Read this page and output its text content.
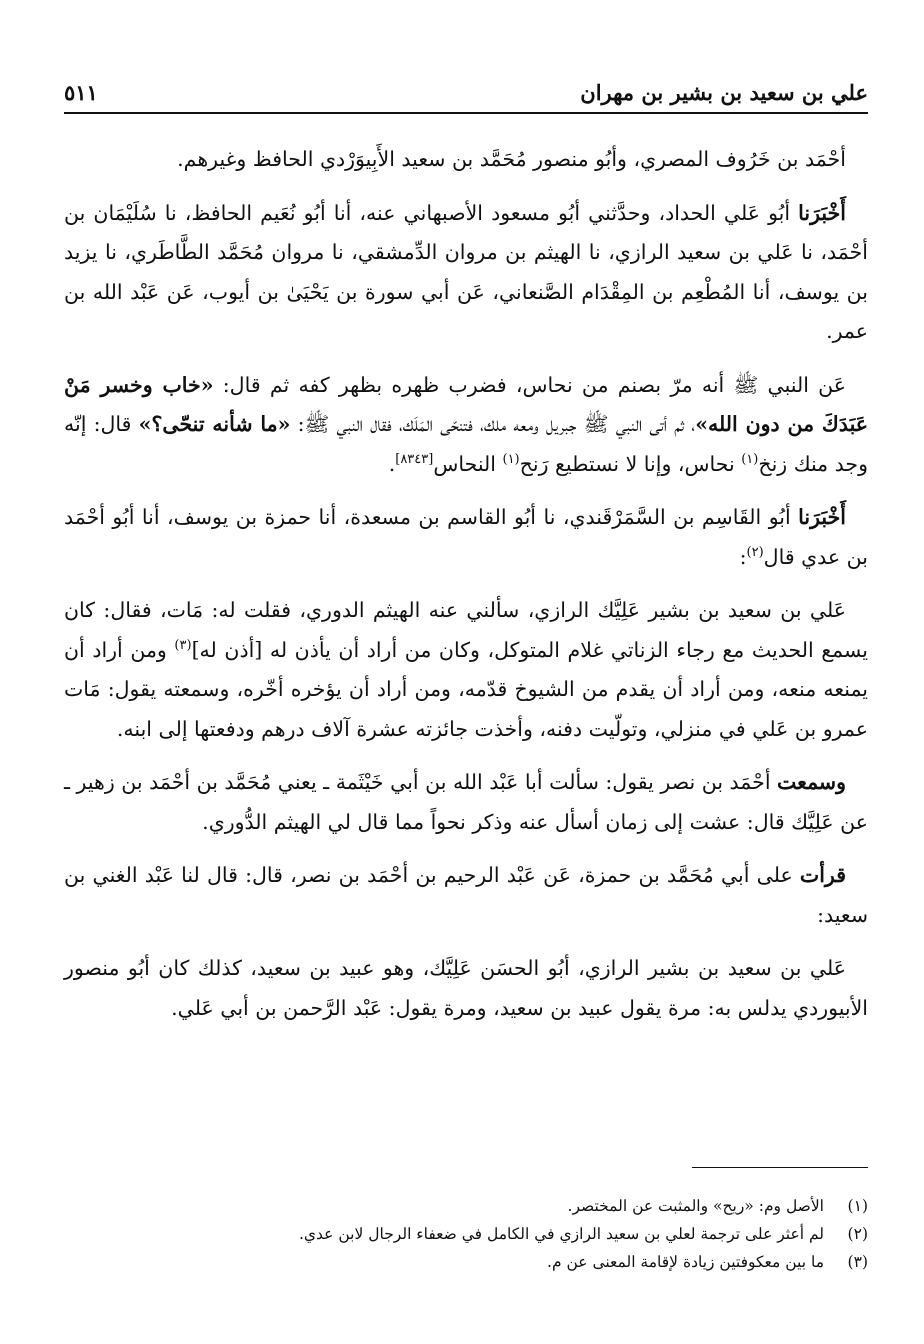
٥١١	علي بن سعيد بن بشير بن مهران

أحْمَد بن خَرُوف المصري، وأبُو منصور مُحَمَّد بن سعيد الأَبِيوَرْدي الحافظ وغيرهم.

أَخْبَرَنا أبُو عَلي الحداد، وحدَّثني أبُو مسعود الأصبهاني عنه، أنا أبُو نُعَيم الحافظ، نا سُلَيْمَان بن أحْمَد، نا عَلي بن سعيد الرازي، نا الهيثم بن مروان الدِّمشقي، نا مروان مُحَمَّد الطَّاطَري، نا يزيد بن يوسف، أنا المُطْعِم بن المِقْدَام الصَّنعاني، عَن أبي سورة بن يَحْيَىٰ بن أيوب، عَن عَبْد الله بن عمر.

عَن النبي ﷺ أنه مرّ بصنم من نحاس، فضرب ظهره بظهر كفه ثم قال: «خاب وخسر مَنْ عَبَدَكَ من دون الله»، ثم أتى النبي ﷺ جبريل ومعه ملك، فتنحّى المَلَك، فقال النبي ﷺ: «ما شأنه تنحّى؟» قال: إنّه وجد منك زنخ$^{(١)}$ نحاس، وإنا لا نستطيع رَنح$^{(١)}$ النحاس[٨٣٤٣].

أَخْبَرَنا أبُو القَاسِم بن السَّمَرْقَندي، نا أبُو القاسم بن مسعدة، أنا حمزة بن يوسف، أنا أبُو أحْمَد بن عدي قال$^{(٢)}$:

عَلي بن سعيد بن بشير عَلِيَّك الرازي، سألني عنه الهيثم الدوري، فقلت له: مَات، فقال: كان يسمع الحديث مع رجاء الزناتي غلام المتوكل، وكان من أراد أن يأذن له [أذن له]$^{(٣)}$ ومن أراد أن يمنعه منعه، ومن أراد أن يقدم من الشيوخ قدّمه، ومن أراد أن يؤخره أخّره، وسمعته يقول: مَات عمرو بن عَلي في منزلي، وتولّيت دفنه، وأخذت جائزته عشرة آلاف درهم ودفعتها إلى ابنه.

وسمعت أحْمَد بن نصر يقول: سألت أبا عَبْد الله بن أبي خَيْثَمة ـ يعني مُحَمَّد بن أحْمَد بن زهير ـ عن عَلِيَّك قال: عشت إلى زمان أسأل عنه وذكر نحواً مما قال لي الهيثم الدُّوري.

قرأت على أبي مُحَمَّد بن حمزة، عَن عَبْد الرحيم بن أحْمَد بن نصر، قال: قال لنا عَبْد الغني بن سعيد:

عَلي بن سعيد بن بشير الرازي، أبُو الحسَن عَلِيَّك، وهو عبيد بن سعيد، كذلك كان أبُو منصور الأبيوردي يدلس به: مرة يقول عبيد بن سعيد، ومرة يقول: عَبْد الرَّحمن بن أبي عَلي.

(١)
الأصل وم: «ريح» والمثبت عن المختصر.
(٢)
لم أعثر على ترجمة لعلي بن سعيد الرازي في الكامل في ضعفاء الرجال لابن عدي.
(٣)
ما بين معكوفتين زيادة لإقامة المعنى عن م.
